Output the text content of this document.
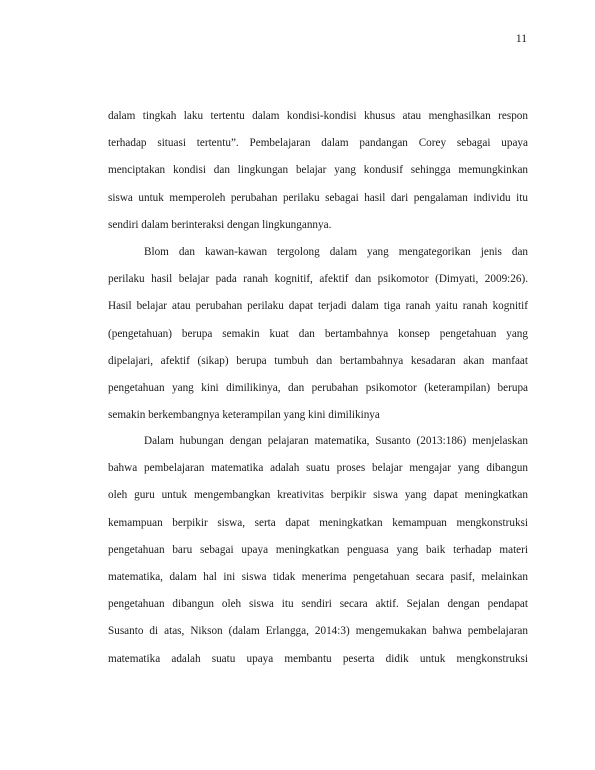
11
dalam tingkah laku tertentu dalam kondisi-kondisi khusus atau menghasilkan respon
terhadap situasi tertentu”. Pembelajaran dalam pandangan Corey sebagai upaya
menciptakan kondisi dan lingkungan belajar yang kondusif sehingga memungkinkan
siswa untuk memperoleh perubahan perilaku sebagai hasil dari pengalaman individu itu
sendiri dalam berinteraksi dengan lingkungannya.
Blom dan kawan-kawan tergolong dalam yang mengategorikan jenis dan
perilaku hasil belajar pada ranah kognitif, afektif dan psikomotor (Dimyati, 2009:26).
Hasil belajar atau perubahan perilaku dapat terjadi dalam tiga ranah yaitu ranah kognitif
(pengetahuan) berupa semakin kuat dan bertambahnya konsep pengetahuan yang
dipelajari, afektif (sikap) berupa tumbuh dan bertambahnya kesadaran akan manfaat
pengetahuan yang kini dimilikinya, dan perubahan psikomotor (keterampilan) berupa
semakin berkembangnya keterampilan yang kini dimilikinya
Dalam hubungan dengan pelajaran matematika, Susanto (2013:186) menjelaskan
bahwa pembelajaran matematika adalah suatu proses belajar mengajar yang dibangun
oleh guru untuk mengembangkan kreativitas berpikir siswa yang dapat meningkatkan
kemampuan berpikir siswa, serta dapat meningkatkan kemampuan mengkonstruksi
pengetahuan baru sebagai upaya meningkatkan penguasa yang baik terhadap materi
matematika, dalam hal ini siswa tidak menerima pengetahuan secara pasif, melainkan
pengetahuan dibangun oleh siswa itu sendiri secara aktif. Sejalan dengan pendapat
Susanto di atas, Nikson (dalam Erlangga, 2014:3) mengemukakan bahwa pembelajaran
matematika adalah suatu upaya membantu peserta didik untuk mengkonstruksi
